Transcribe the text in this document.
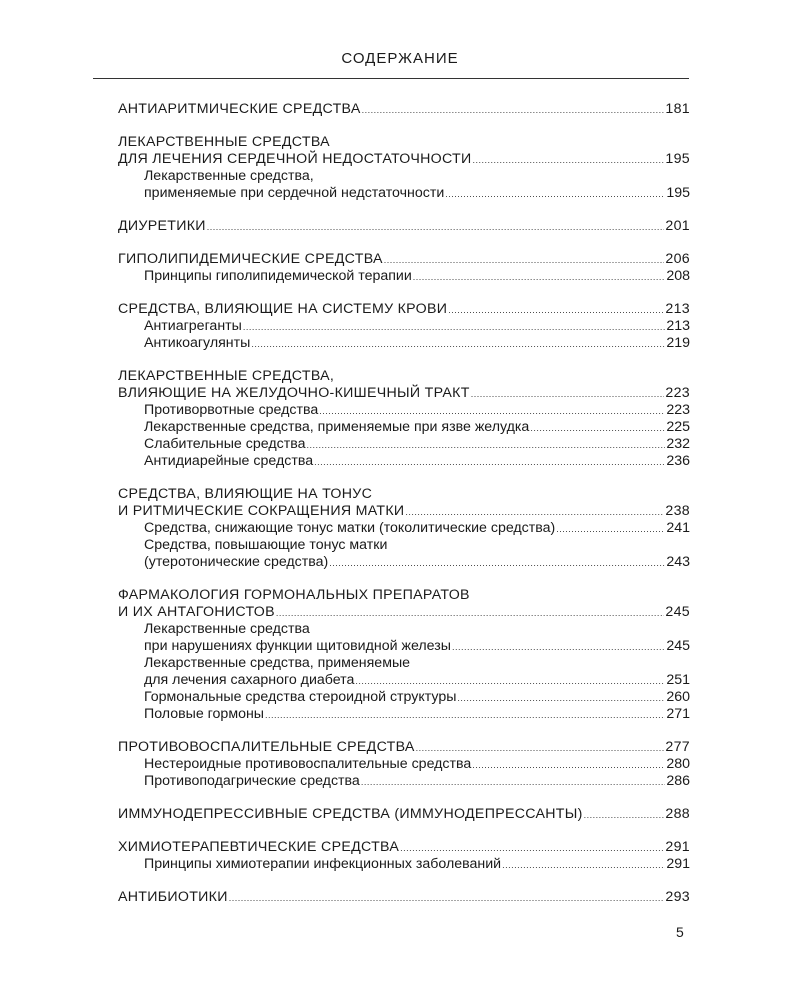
СОДЕРЖАНИЕ
АНТИАРИТМИЧЕСКИЕ СРЕДСТВА .....	181
ЛЕКАРСТВЕННЫЕ СРЕДСТВА
ДЛЯ ЛЕЧЕНИЯ СЕРДЕЧНОЙ НЕДОСТАТОЧНОСТИ .....	195
Лекарственные средства,
применяемые при сердечной недстаточности .....	195
ДИУРЕТИКИ .....	201
ГИПОЛИПИДЕМИЧЕСКИЕ СРЕДСТВА .....	206
Принципы гиполипидемической терапии .....	208
СРЕДСТВА, ВЛИЯЮЩИЕ НА СИСТЕМУ КРОВИ .....	213
Антиагреганты .....	213
Антикоагулянты .....	219
ЛЕКАРСТВЕННЫЕ СРЕДСТВА,
ВЛИЯЮЩИЕ НА ЖЕЛУДОЧНО-КИШЕЧНЫЙ ТРАКТ .....	223
Противорвотные средства .....	223
Лекарственные средства, применяемые при язве желудка .....	225
Слабительные средства .....	232
Антидиарейные средства .....	236
СРЕДСТВА, ВЛИЯЮЩИЕ НА ТОНУС
И РИТМИЧЕСКИЕ СОКРАЩЕНИЯ МАТКИ .....	238
Средства, снижающие тонус матки (токолитические средства) .....	241
Средства, повышающие тонус матки
(утеротонические средства) .....	243
ФАРМАКОЛОГИЯ ГОРМОНАЛЬНЫХ ПРЕПАРАТОВ
И ИХ АНТАГОНИСТОВ .....	245
Лекарственные средства
при нарушениях функции щитовидной железы .....	245
Лекарственные средства, применяемые
для лечения сахарного диабета .....	251
Гормональные средства стероидной структуры .....	260
Половые гормоны .....	271
ПРОТИВОВОСПАЛИТЕЛЬНЫЕ СРЕДСТВА .....	277
Нестероидные противовоспалительные средства .....	280
Противоподагрические средства .....	286
ИММУНОДЕПРЕССИВНЫЕ СРЕДСТВА (ИММУНОДЕПРЕССАНТЫ) .....	288
ХИМИОТЕРАПЕВТИЧЕСКИЕ СРЕДСТВА .....	291
Принципы химиотерапии инфекционных заболеваний .....	291
АНТИБИОТИКИ .....	293
5
